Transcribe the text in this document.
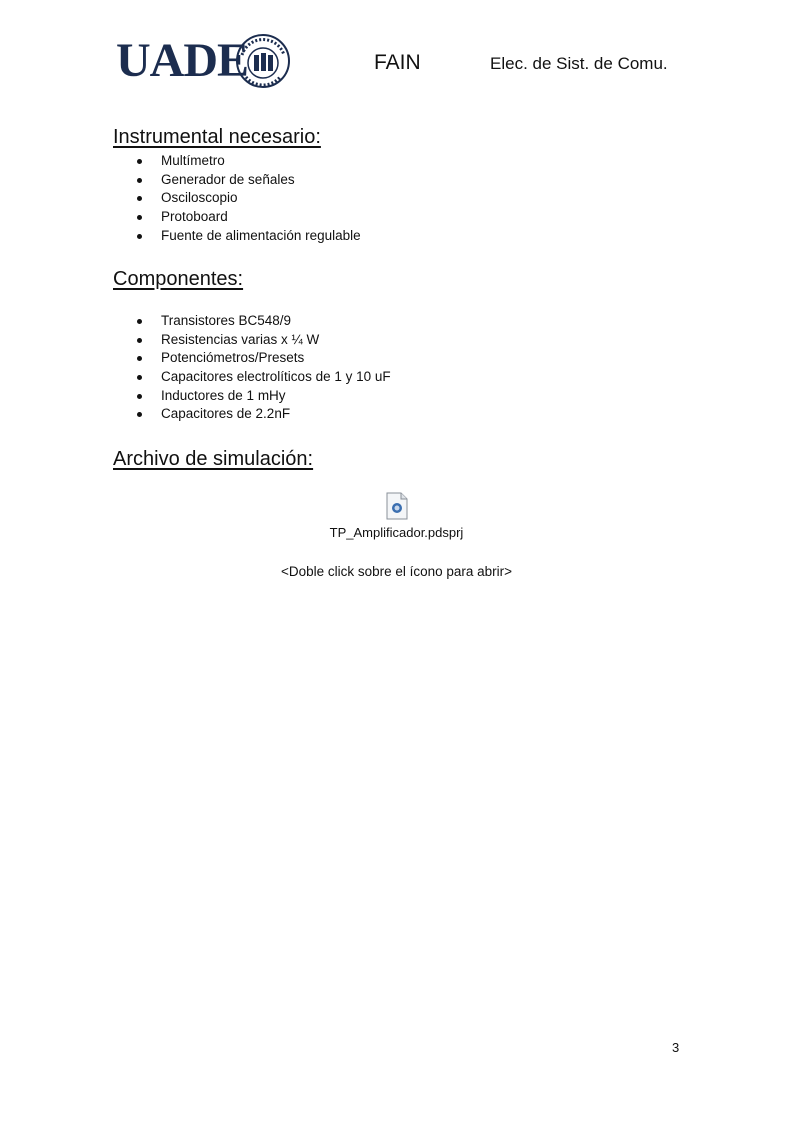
UADE	FAIN	Elec. de Sist. de Comu.
Instrumental necesario:
Multímetro
Generador de señales
Osciloscopio
Protoboard
Fuente de alimentación regulable
Componentes:
Transistores BC548/9
Resistencias varias x ¼ W
Potenciómetros/Presets
Capacitores electrolíticos de 1 y 10 uF
Inductores de 1 mHy
Capacitores de 2.2nF
Archivo de simulación:
TP_Amplificador.pdsprj
<Doble click sobre el ícono para abrir>
3
